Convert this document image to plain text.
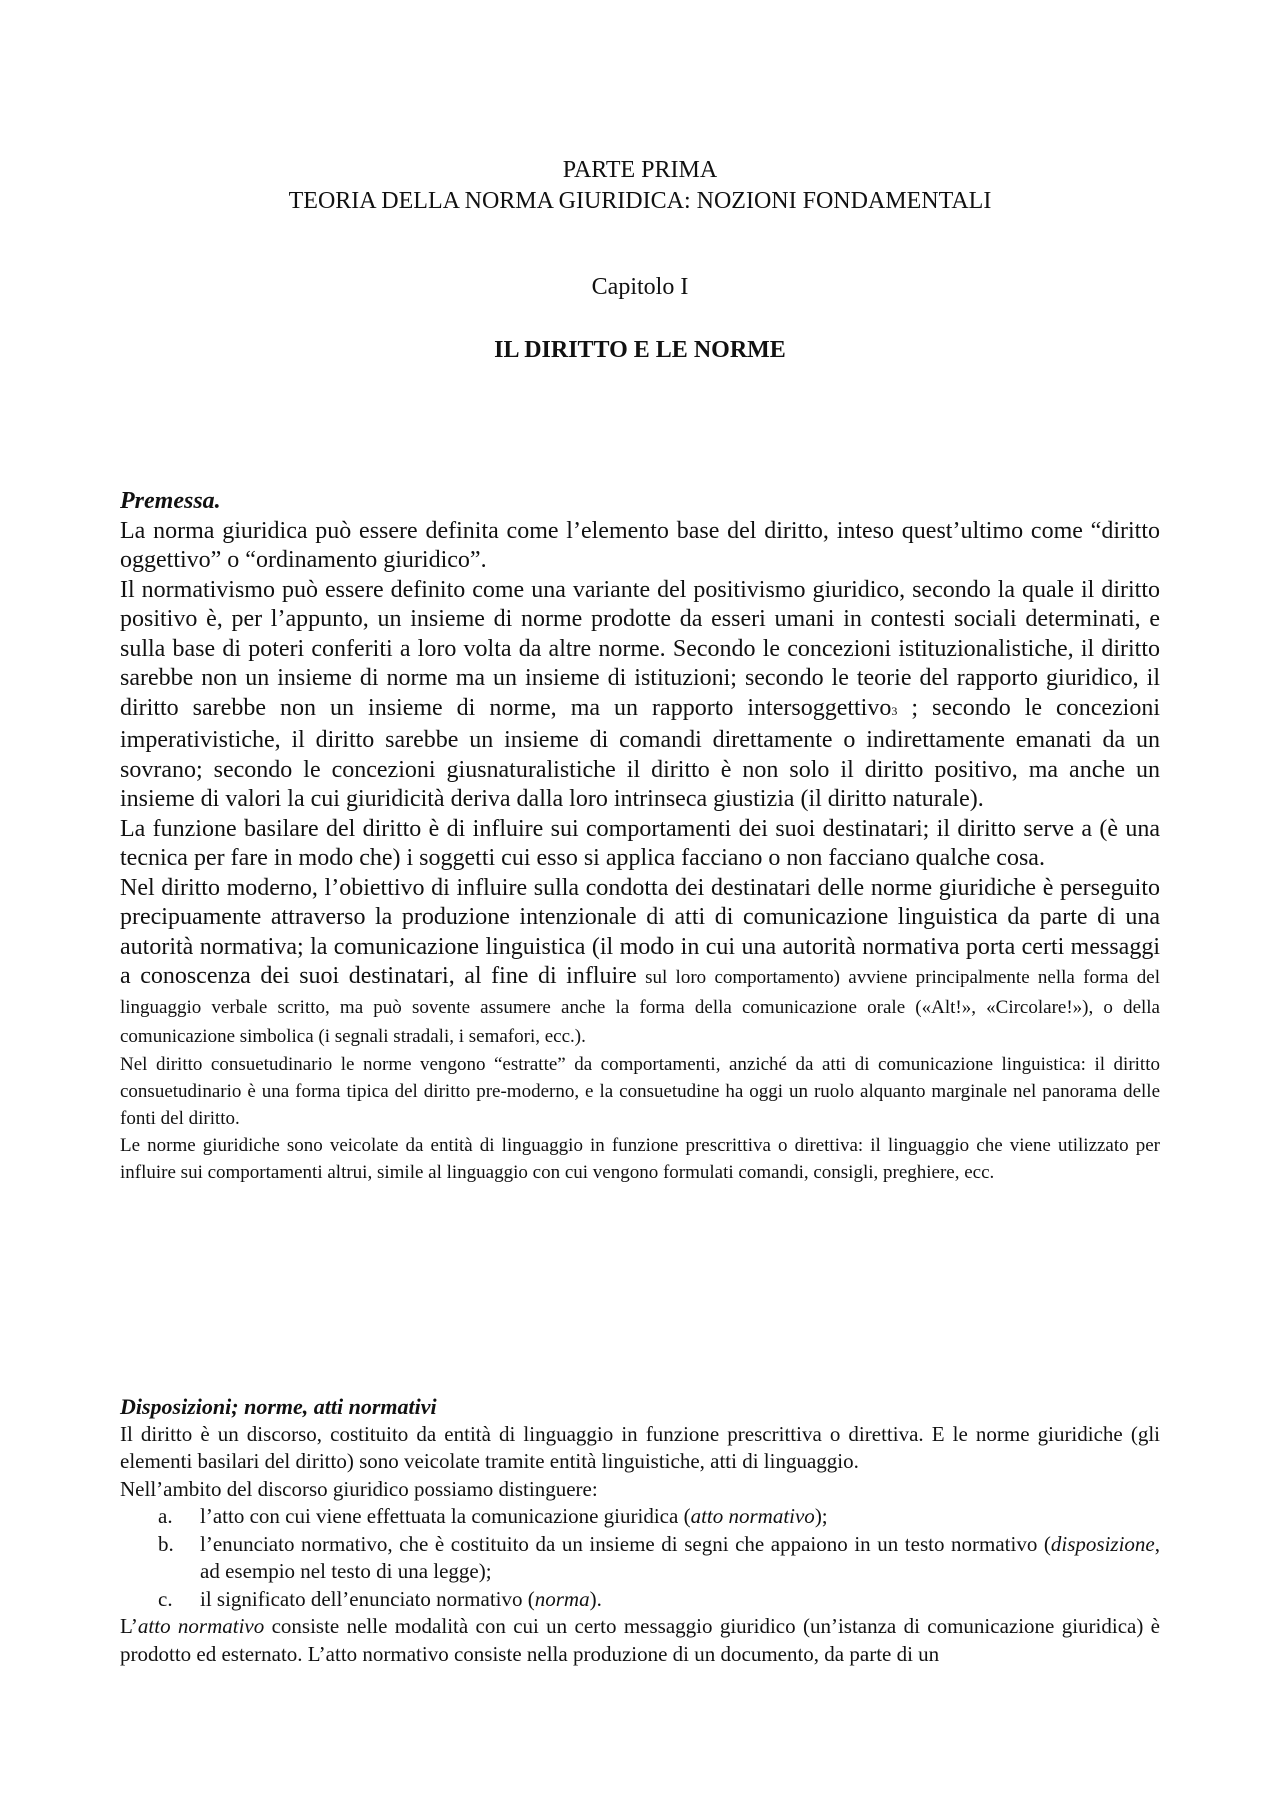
PARTE PRIMA
TEORIA DELLA NORMA GIURIDICA: NOZIONI FONDAMENTALI
Capitolo I
IL DIRITTO E LE NORME

Premessa.

La norma giuridica può essere definita come l’elemento base del diritto, inteso quest’ultimo come “diritto oggettivo” o “ordinamento giuridico”.

Il normativismo può essere definito come una variante del positivismo giuridico, secondo la quale il diritto positivo è, per l’appunto, un insieme di norme prodotte da esseri umani in contesti sociali determinati, e sulla base di poteri conferiti a loro volta da altre norme. Secondo le concezioni istituzionalistiche, il diritto sarebbe non un insieme di norme ma un insieme di istituzioni; secondo le teorie del rapporto giuridico, il diritto sarebbe non un insieme di norme, ma un rapporto intersoggettivo3 ; secondo le concezioni imperativistiche, il diritto sarebbe un insieme di comandi direttamente o indirettamente emanati da un sovrano; secondo le concezioni giusnaturalistiche il diritto è non solo il diritto positivo, ma anche un insieme di valori la cui giuridicità deriva dalla loro intrinseca giustizia (il diritto naturale).

La funzione basilare del diritto è di influire sui comportamenti dei suoi destinatari; il diritto serve a (è una tecnica per fare in modo che) i soggetti cui esso si applica facciano o non facciano qualche cosa.

Nel diritto moderno, l’obiettivo di influire sulla condotta dei destinatari delle norme giuridiche è perseguito precipuamente attraverso la produzione intenzionale di atti di comunicazione linguistica da parte di una autorità normativa; la comunicazione linguistica (il modo in cui una autorità normativa porta certi messaggi a conoscenza dei suoi destinatari, al fine di influire sul loro comportamento) avviene principalmente nella forma del linguaggio verbale scritto, ma può sovente assumere anche la forma della comunicazione orale («Alt!», «Circolare!»), o della comunicazione simbolica (i segnali stradali, i semafori, ecc.).

Nel diritto consuetudinario le norme vengono “estratte” da comportamenti, anziché da atti di comunicazione linguistica: il diritto consuetudinario è una forma tipica del diritto pre-moderno, e la consuetudine ha oggi un ruolo alquanto marginale nel panorama delle fonti del diritto.

Le norme giuridiche sono veicolate da entità di linguaggio in funzione prescrittiva o direttiva: il linguaggio che viene utilizzato per influire sui comportamenti altrui, simile al linguaggio con cui vengono formulati comandi, consigli, preghiere, ecc.

Disposizioni; norme, atti normativi

Il diritto è un discorso, costituito da entità di linguaggio in funzione prescrittiva o direttiva. E le norme giuridiche (gli elementi basilari del diritto) sono veicolate tramite entità linguistiche, atti di linguaggio.

Nell’ambito del discorso giuridico possiamo distinguere:

a. l’atto con cui viene effettuata la comunicazione giuridica (atto normativo);
b. l’enunciato normativo, che è costituito da un insieme di segni che appaiono in un testo normativo (disposizione, ad esempio nel testo di una legge);
c. il significato dell’enunciato normativo (norma).

L’atto normativo consiste nelle modalità con cui un certo messaggio giuridico (un’istanza di comunicazione giuridica) è prodotto ed esternato. L’atto normativo consiste nella produzione di un documento, da parte di un
